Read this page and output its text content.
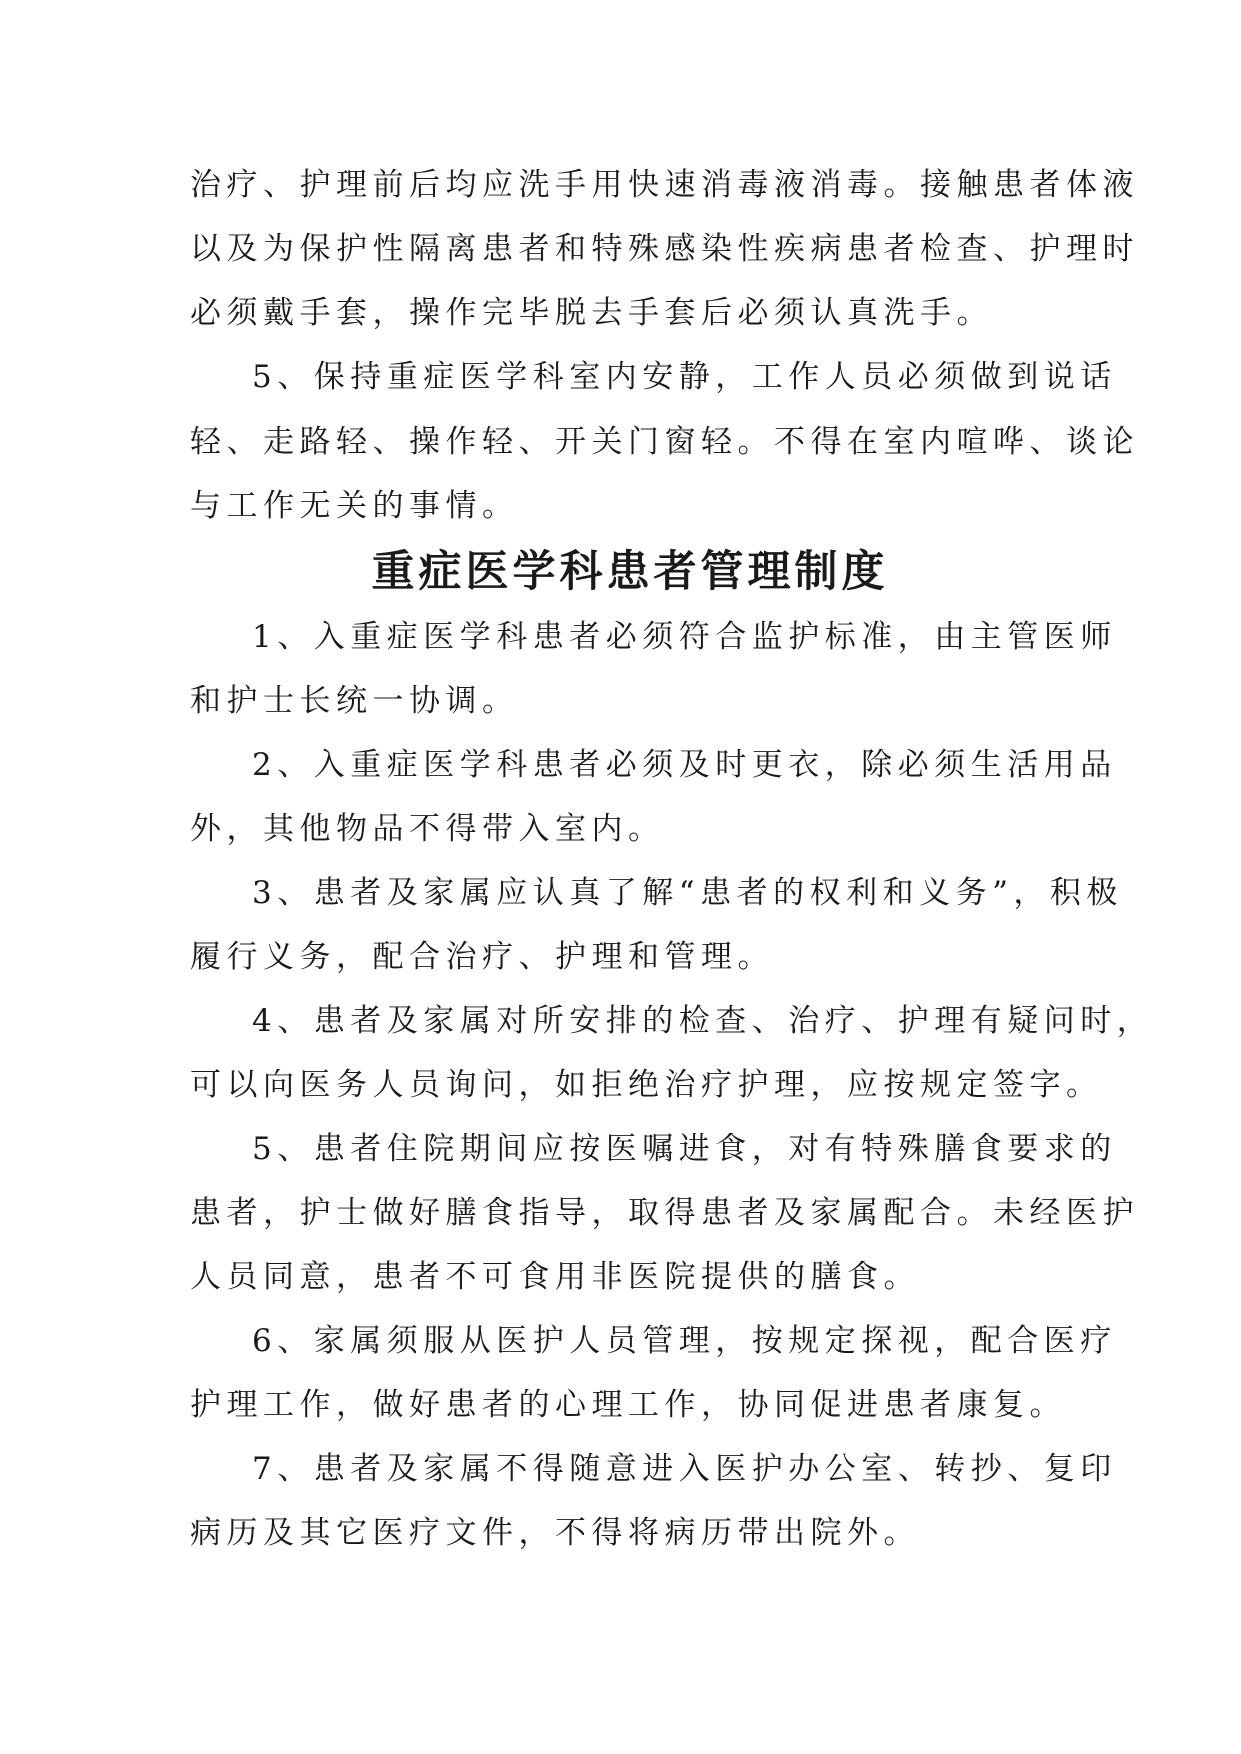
治疗、护理前后均应洗手用快速消毒液消毒。接触患者体液
以及为保护性隔离患者和特殊感染性疾病患者检查、护理时
必须戴手套，操作完毕脱去手套后必须认真洗手。
5、保持重症医学科室内安静，工作人员必须做到说话
轻、走路轻、操作轻、开关门窗轻。不得在室内喧哗、谈论
与工作无关的事情。
重症医学科患者管理制度
1、入重症医学科患者必须符合监护标准，由主管医师
和护士长统一协调。
2、入重症医学科患者必须及时更衣，除必须生活用品
外，其他物品不得带入室内。
3、患者及家属应认真了解“患者的权利和义务”，积极
履行义务，配合治疗、护理和管理。
4、患者及家属对所安排的检查、治疗、护理有疑问时，
可以向医务人员询问，如拒绝治疗护理，应按规定签字。
5、患者住院期间应按医嘱进食，对有特殊膳食要求的
患者，护士做好膳食指导，取得患者及家属配合。未经医护
人员同意，患者不可食用非医院提供的膳食。
6、家属须服从医护人员管理，按规定探视，配合医疗
护理工作，做好患者的心理工作，协同促进患者康复。
7、患者及家属不得随意进入医护办公室、转抄、复印
病历及其它医疗文件，不得将病历带出院外。
